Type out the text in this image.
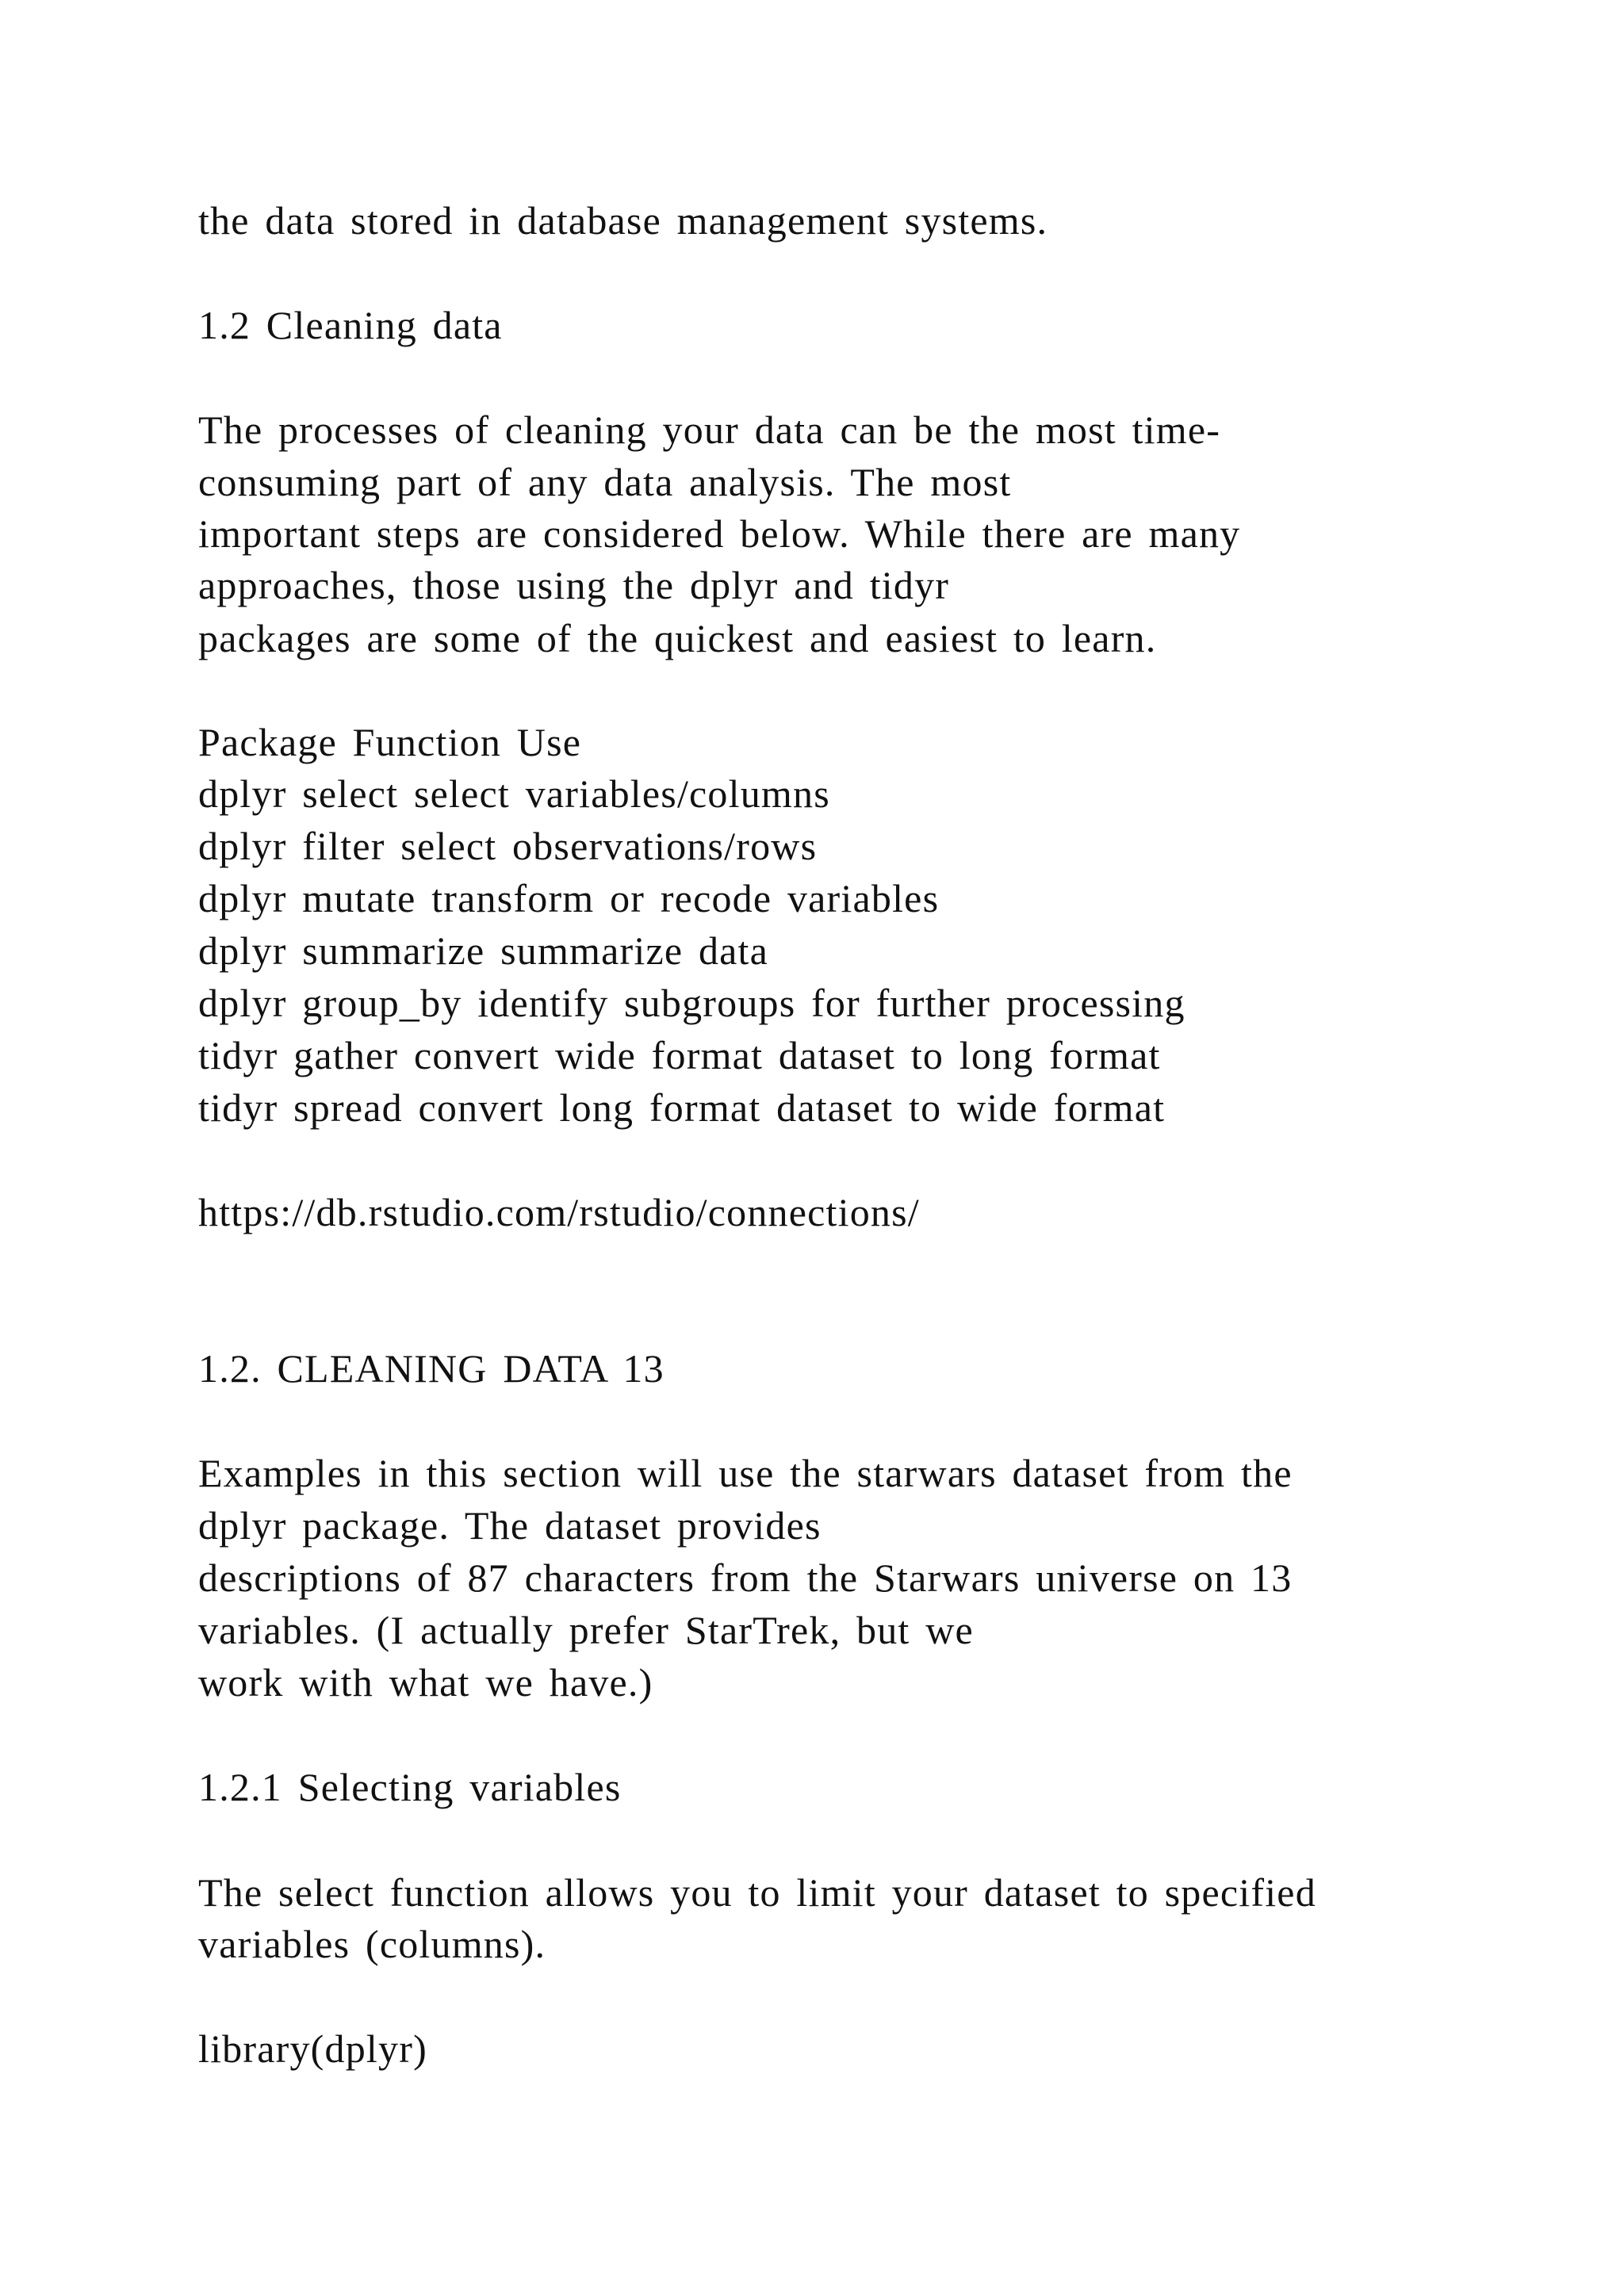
the data stored in database management systems.

1.2 Cleaning data

The processes of cleaning your data can be the most time-

consuming part of any data analysis. The most

important steps are considered below. While there are many

approaches, those using the dplyr and tidyr

packages are some of the quickest and easiest to learn.

Package Function Use

dplyr select select variables/columns

dplyr filter select observations/rows

dplyr mutate transform or recode variables

dplyr summarize summarize data

dplyr group_by identify subgroups for further processing

tidyr gather convert wide format dataset to long format

tidyr spread convert long format dataset to wide format

https://db.rstudio.com/rstudio/connections/

1.2. CLEANING DATA 13

Examples in this section will use the starwars dataset from the

dplyr package. The dataset provides

descriptions of 87 characters from the Starwars universe on 13

variables. (I actually prefer StarTrek, but we

work with what we have.)

1.2.1 Selecting variables

The select function allows you to limit your dataset to specified

variables (columns).

library(dplyr)
